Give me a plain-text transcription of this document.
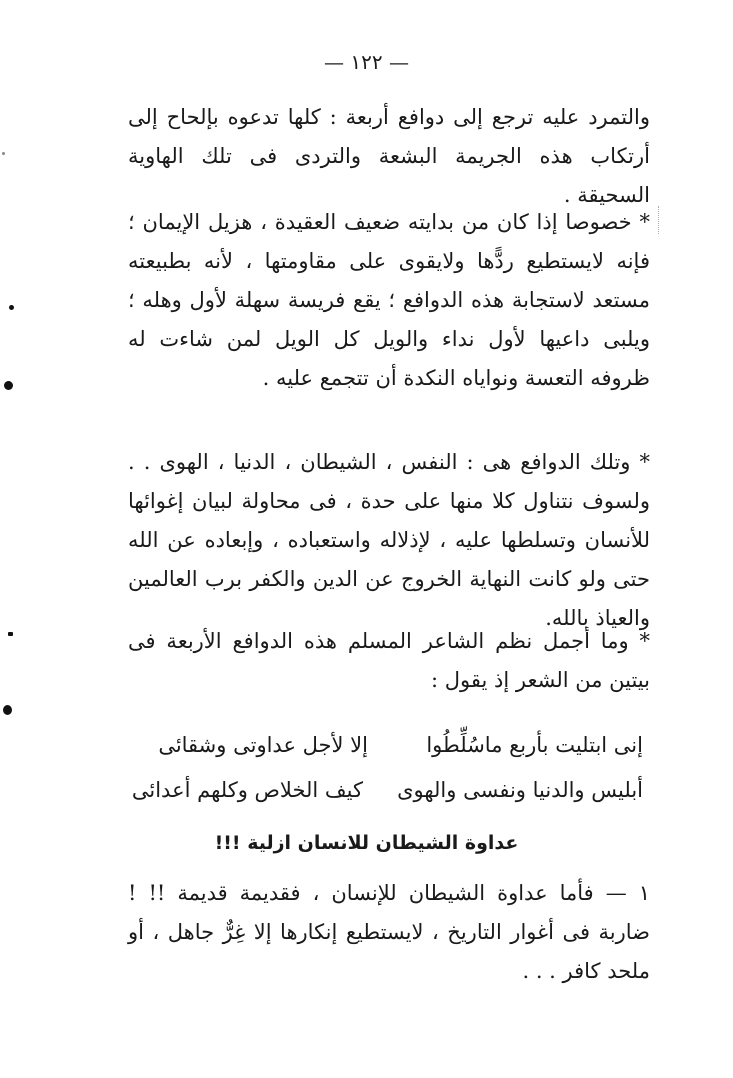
— ١٢٢ —

والتمرد عليه ترجع إلى دوافع أربعة : كلها تدعوه بإلحاح إلى أرتكاب هذه الجريمة البشعة والتردى فى تلك الهاوية السحيقة .

* خصوصا إذا كان من بدايته ضعيف العقيدة ، هزيل الإيمان ؛ فإنه لايستطيع ردًّها ولايقوى على مقاومتها ، لأنه بطبيعته مستعد لاستجابة هذه الدوافع ؛ يقع فريسة سهلة لأول وهله ؛ ويلبى داعيها لأول نداء والويل كل الويل لمن شاءت له ظروفه التعسة ونواياه النكدة أن تتجمع عليه .

* وتلك الدوافع هى : النفس ، الشيطان ، الدنيا ، الهوى . . ولسوف نتناول كلا منها على حدة ، فى محاولة لبيان إغوائها للأنسان وتسلطها عليه ، لإذلاله واستعباده ، وإبعاده عن الله حتى ولو كانت النهاية الخروج عن الدين والكفر برب العالمين والعياذ بالله.

* وما أجمل نظم الشاعر المسلم هذه الدوافع الأربعة فى بيتين من الشعر إذ يقول :

إنى ابتليت بأربع ماسُلِّطُوا
إلا لأجل عداوتى وشقائى
أبليس والدنيا ونفسى والهوى
كيف الخلاص وكلهم أعدائى
عداوة الشيطان للانسان ازلية !!!

١ — فأما عداوة الشيطان للإنسان ، فقديمة قديمة !! ! ضاربة فى أغوار التاريخ ، لايستطيع إنكارها إلا غِرٌّ جاهل ، أو ملحد كافر . . .
